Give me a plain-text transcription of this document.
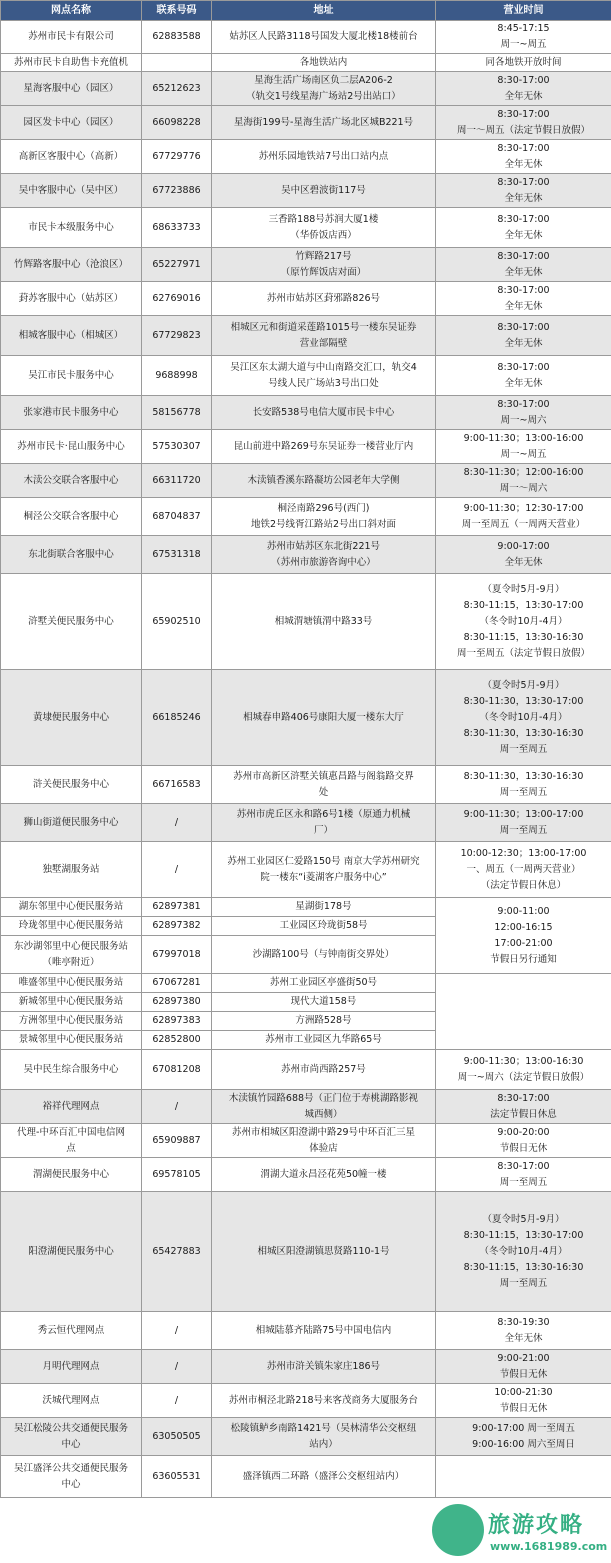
网点名称	联系号码	地址	营业时间

苏州市民卡有限公司	62883588	姑苏区人民路3118号国发大厦北楼18楼前台	8:45-17:15
周一~周五

苏州市民卡自助售卡充值机		各地铁站内	同各地铁开放时间

星海客服中心（园区）	65212623	星海生活广场南区负二层A206-2
（轨交1号线星海广场站2号出站口）	8:30-17:00
全年无休

园区发卡中心（园区）	66098228	星海街199号-星海生活广场北区城B221号	8:30-17:00
周一～周五（法定节假日放假）

高新区客服中心（高新）	67729776	苏州乐园地铁站7号出口站内点	8:30-17:00
全年无休

吴中客服中心（吴中区）	67723886	吴中区碧波街117号	8:30-17:00
全年无休

市民卡本级服务中心	68633733	三香路188号苏润大厦1楼
（华侨饭店西）	8:30-17:00
全年无休

竹辉路客服中心（沧浪区）	65227971	竹辉路217号
（原竹辉饭店对面）	8:30-17:00
全年无休

葑苏客服中心（姑苏区）	62769016	苏州市姑苏区葑邪路826号	8:30-17:00
全年无休

相城客服中心（相城区）	67729823	相城区元和街道采莲路1015号一楼东吴证券
营业部隔壁	8:30-17:00
全年无休

吴江市民卡服务中心	9688998	吴江区东太湖大道与中山南路交汇口，轨交4
号线人民广场站3号出口处	8:30-17:00
全年无休

张家港市民卡服务中心	58156778	长安路538号电信大厦市民卡中心	8:30-17:00
周一~周六

苏州市民卡·昆山服务中心	57530307	昆山前进中路269号东吴证券一楼营业厅内	9:00-11:30；13:00-16:00
周一~周五

木渎公交联合客服中心	66311720	木渎镇香溪东路凝坊公园老年大学侧	8:30-11:30；12:00-16:00
周一～周六

桐泾公交联合客服中心	68704837	桐泾南路296号(西门)
地铁2号线胥江路站2号出口斜对面	9:00-11:30；12:30-17:00
周一至周五（一周两天营业）

东北街联合客服中心	67531318	苏州市姑苏区东北街221号
（苏州市旅游咨询中心）	9:00-17:00
全年无休

浒墅关便民服务中心	65902510	相城渭塘镇渭中路33号	（夏令时5月-9月）
8:30-11:15，13:30-17:00
（冬令时10月-4月）
8:30-11:15，13:30-16:30
周一至周五（法定节假日放假）

黄埭便民服务中心	66185246	相城春申路406号康阳大厦一楼东大厅	（夏令时5月-9月）
8:30-11:30，13:30-17:00
（冬令时10月-4月）
8:30-11:30，13:30-16:30
周一至周五

浒关便民服务中心	66716583	苏州市高新区浒墅关镇惠昌路与阁翁路交界
处	8:30-11:30，13:30-16:30
周一至周五

狮山街道便民服务中心	/	苏州市虎丘区永和路6号1楼（原通力机械
厂）	9:00-11:30；13:00-17:00
周一至周五

独墅湖服务站	/	苏州工业园区仁爱路150号 南京大学苏州研究
院一楼东“i菱湖客户服务中心”	10:00-12:30；13:00-17:00
一、周五（一周两天营业）
（法定节假日休息）

湖东邻里中心便民服务站	62897381	星湖街178号	9:00-11:00
12:00-16:15
17:00-21:00
节假日另行通知

玲珑邻里中心便民服务站	62897382	工业园区玲珑街58号	

东沙湖邻里中心便民服务站
（唯亭附近）	67997018	沙湖路100号（与钟南街交界处）	

唯盛邻里中心便民服务站	67067281	苏州工业园区亭盛街50号	

新城邻里中心便民服务站	62897380	现代大道158号	

方洲邻里中心便民服务站	62897383	方洲路528号	

景城邻里中心便民服务站	62852800	苏州市工业园区九华路65号	

吴中民生综合服务中心	67081208	苏州市尚西路257号	9:00-11:30；13:00-16:30
周一~周六（法定节假日放假）

裕祥代理网点	/	木渎镇竹园路688号（正门位于寿桃湖路影视
城西侧）	8:30-17:00
法定节假日休息

代理-中环百汇中国电信网
点	65909887	苏州市相城区阳澄湖中路29号中环百汇三星
体验店	9:00-20:00
节假日无休

渭湖便民服务中心	69578105	渭湖大道永昌泾花苑50幢一楼	8:30-17:00
周一至周五

阳澄湖便民服务中心	65427883	相城区阳澄湖镇思贤路110-1号	（夏令时5月-9月）
8:30-11:15，13:30-17:00
（冬令时10月-4月）
8:30-11:15，13:30-16:30
周一至周五

秀云恒代理网点	/	相城陆慕齐陆路75号中国电信内	8:30-19:30
全年无休

月明代理网点	/	苏州市浒关镇朱家庄186号	9:00-21:00
节假日无休

沃城代理网点	/	苏州市桐泾北路218号来客茂商务大厦服务台	10:00-21:30
节假日无休

吴江松陵公共交通便民服务
中心	63050505	松陵镇鲈乡南路1421号（吴林清华公交枢纽
站内）	9:00-17:00 周一至周五
9:00-16:00 周六至周日

吴江盛泽公共交通便民服务
中心	63605531	盛泽镇西二环路（盛泽公交枢纽站内）	

旅游攻略
www.1681989.com
